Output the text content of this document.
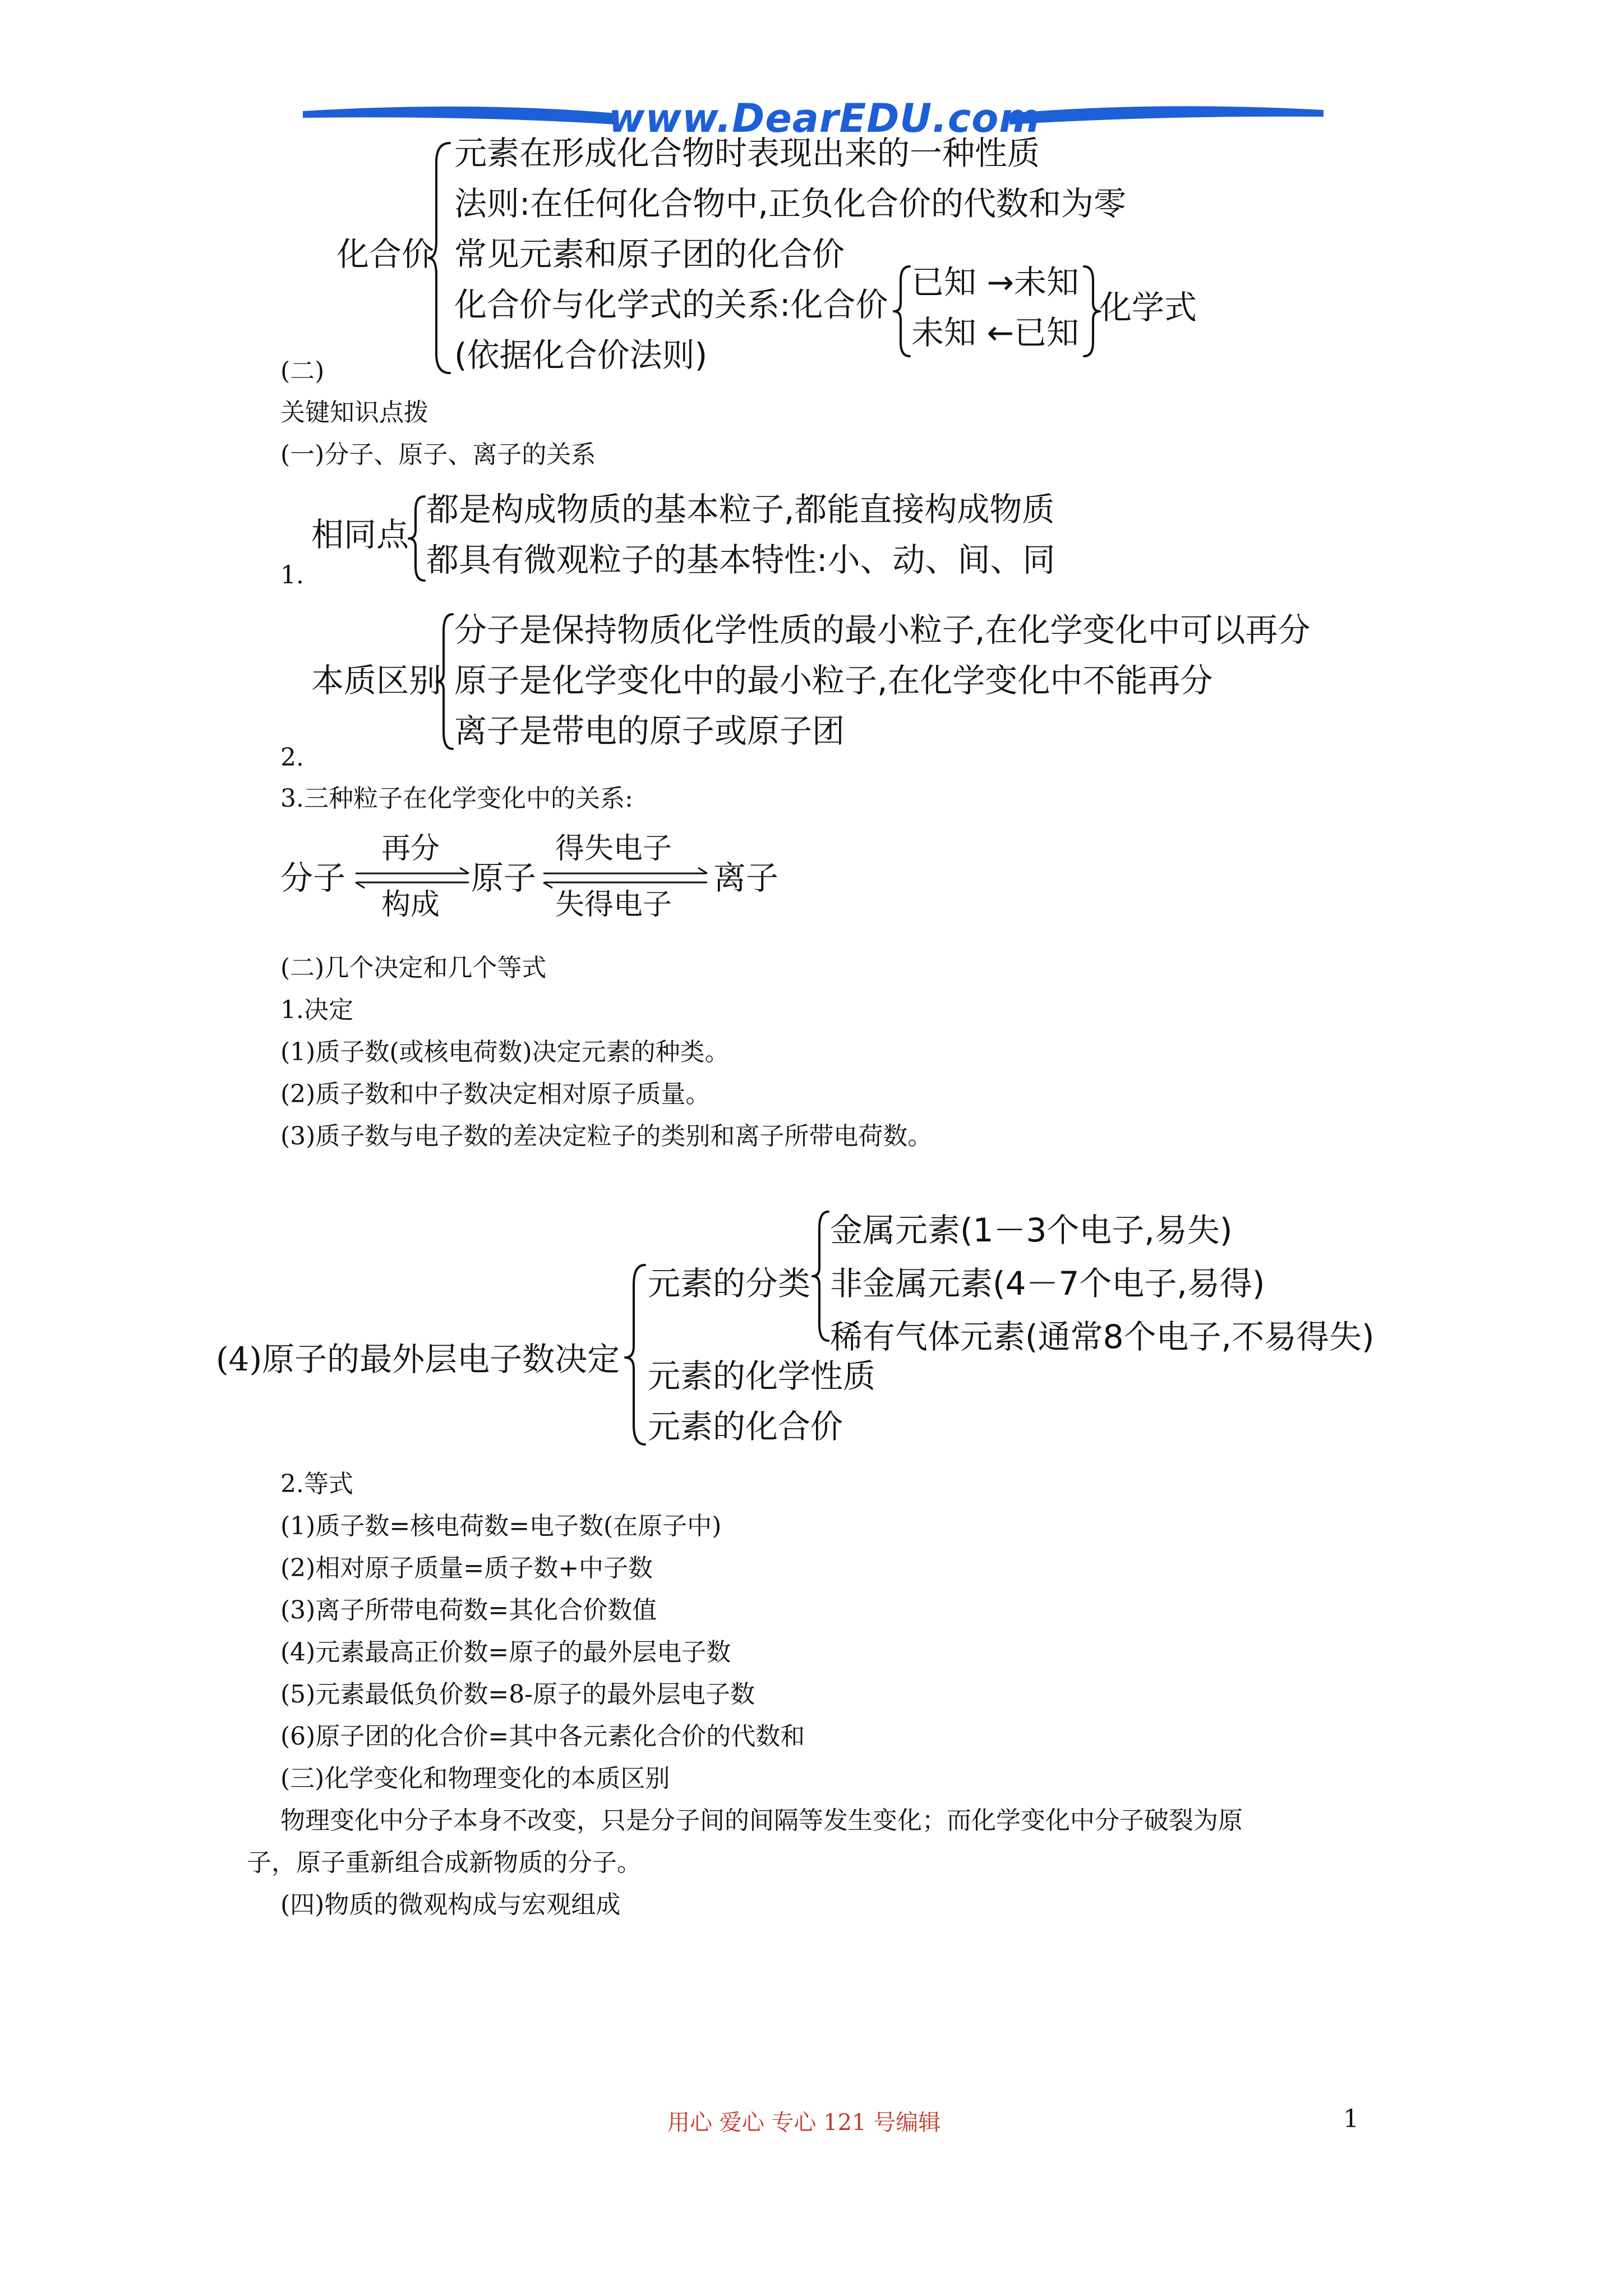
www.DearEDU.com
化合价
元素在形成化合物时表现出来的一种性质
法则:在任何化合物中,正负化合价的代数和为零
常见元素和原子团的化合价
化合价与化学式的关系:化合价
(依据化合价法则)
已知 →未知
未知 ←已知
化学式
(二)
关键知识点拨
(一)分子、原子、离子的关系
相同点
都是构成物质的基本粒子,都能直接构成物质
都具有微观粒子的基本特性:小、动、间、同
1.
本质区别
分子是保持物质化学性质的最小粒子,在化学变化中可以再分
原子是化学变化中的最小粒子,在化学变化中不能再分
离子是带电的原子或原子团
2.
3.三种粒子在化学变化中的关系:
分子
再分
构成
原子
得失电子
失得电子
离子
(二)几个决定和几个等式
1.决定
(1)质子数(或核电荷数)决定元素的种类。
(2)质子数和中子数决定相对原子质量。
(3)质子数与电子数的差决定粒子的类别和离子所带电荷数。
(4)原子的最外层电子数决定
元素的分类
金属元素(1－3个电子,易失)
非金属元素(4－7个电子,易得)
稀有气体元素(通常8个电子,不易得失)
元素的化学性质
元素的化合价
2.等式
(1)质子数=核电荷数=电子数(在原子中)
(2)相对原子质量=质子数+中子数
(3)离子所带电荷数=其化合价数值
(4)元素最高正价数=原子的最外层电子数
(5)元素最低负价数=8-原子的最外层电子数
(6)原子团的化合价=其中各元素化合价的代数和
(三)化学变化和物理变化的本质区别
物理变化中分子本身不改变，只是分子间的间隔等发生变化；而化学变化中分子破裂为原
子，原子重新组合成新物质的分子。
(四)物质的微观构成与宏观组成
用心 爱心 专心 121 号编辑	1
